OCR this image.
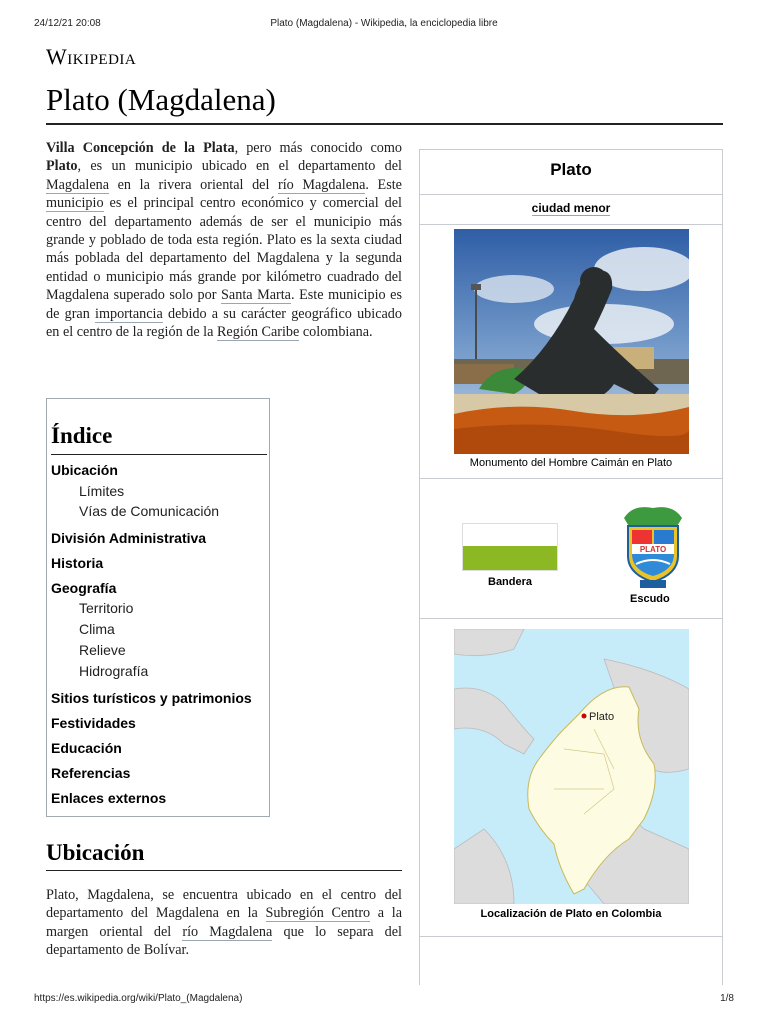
24/12/21 20:08	Plato (Magdalena) - Wikipedia, la enciclopedia libre
https://es.wikipedia.org/wiki/Plato_(Magdalena)	1/8
Wikipedia
Plato (Magdalena)

Villa Concepción de la Plata, pero más conocido como Plato, es un municipio ubicado en el departamento del Magdalena en la rivera oriental del río Magdalena. Este municipio es el principal centro económico y comercial del centro del departamento además de ser el municipio más grande y poblado de toda esta región. Plato es la sexta ciudad más poblada del departamento del Magdalena y la segunda entidad o municipio más grande por kilómetro cuadrado del Magdalena superado solo por Santa Marta. Este municipio es de gran importancia debido a su carácter geográfico ubicado en el centro de la región de la Región Caribe colombiana.

Índice
Ubicación
Límites
Vías de Comunicación
División Administrativa
Historia
Geografía
Territorio
Clima
Relieve
Hidrografía
Sitios turísticos y patrimonios
Festividades
Educación
Referencias
Enlaces externos
Ubicación

Plato, Magdalena, se encuentra ubicado en el centro del departamento del Magdalena en la Subregión Centro a la margen oriental del río Magdalena que lo separa del departamento de Bolívar.

Plato
ciudad menor
Monumento del Hombre Caimán en Plato
Bandera
PLATO
Escudo
Plato
Localización de Plato en Colombia
